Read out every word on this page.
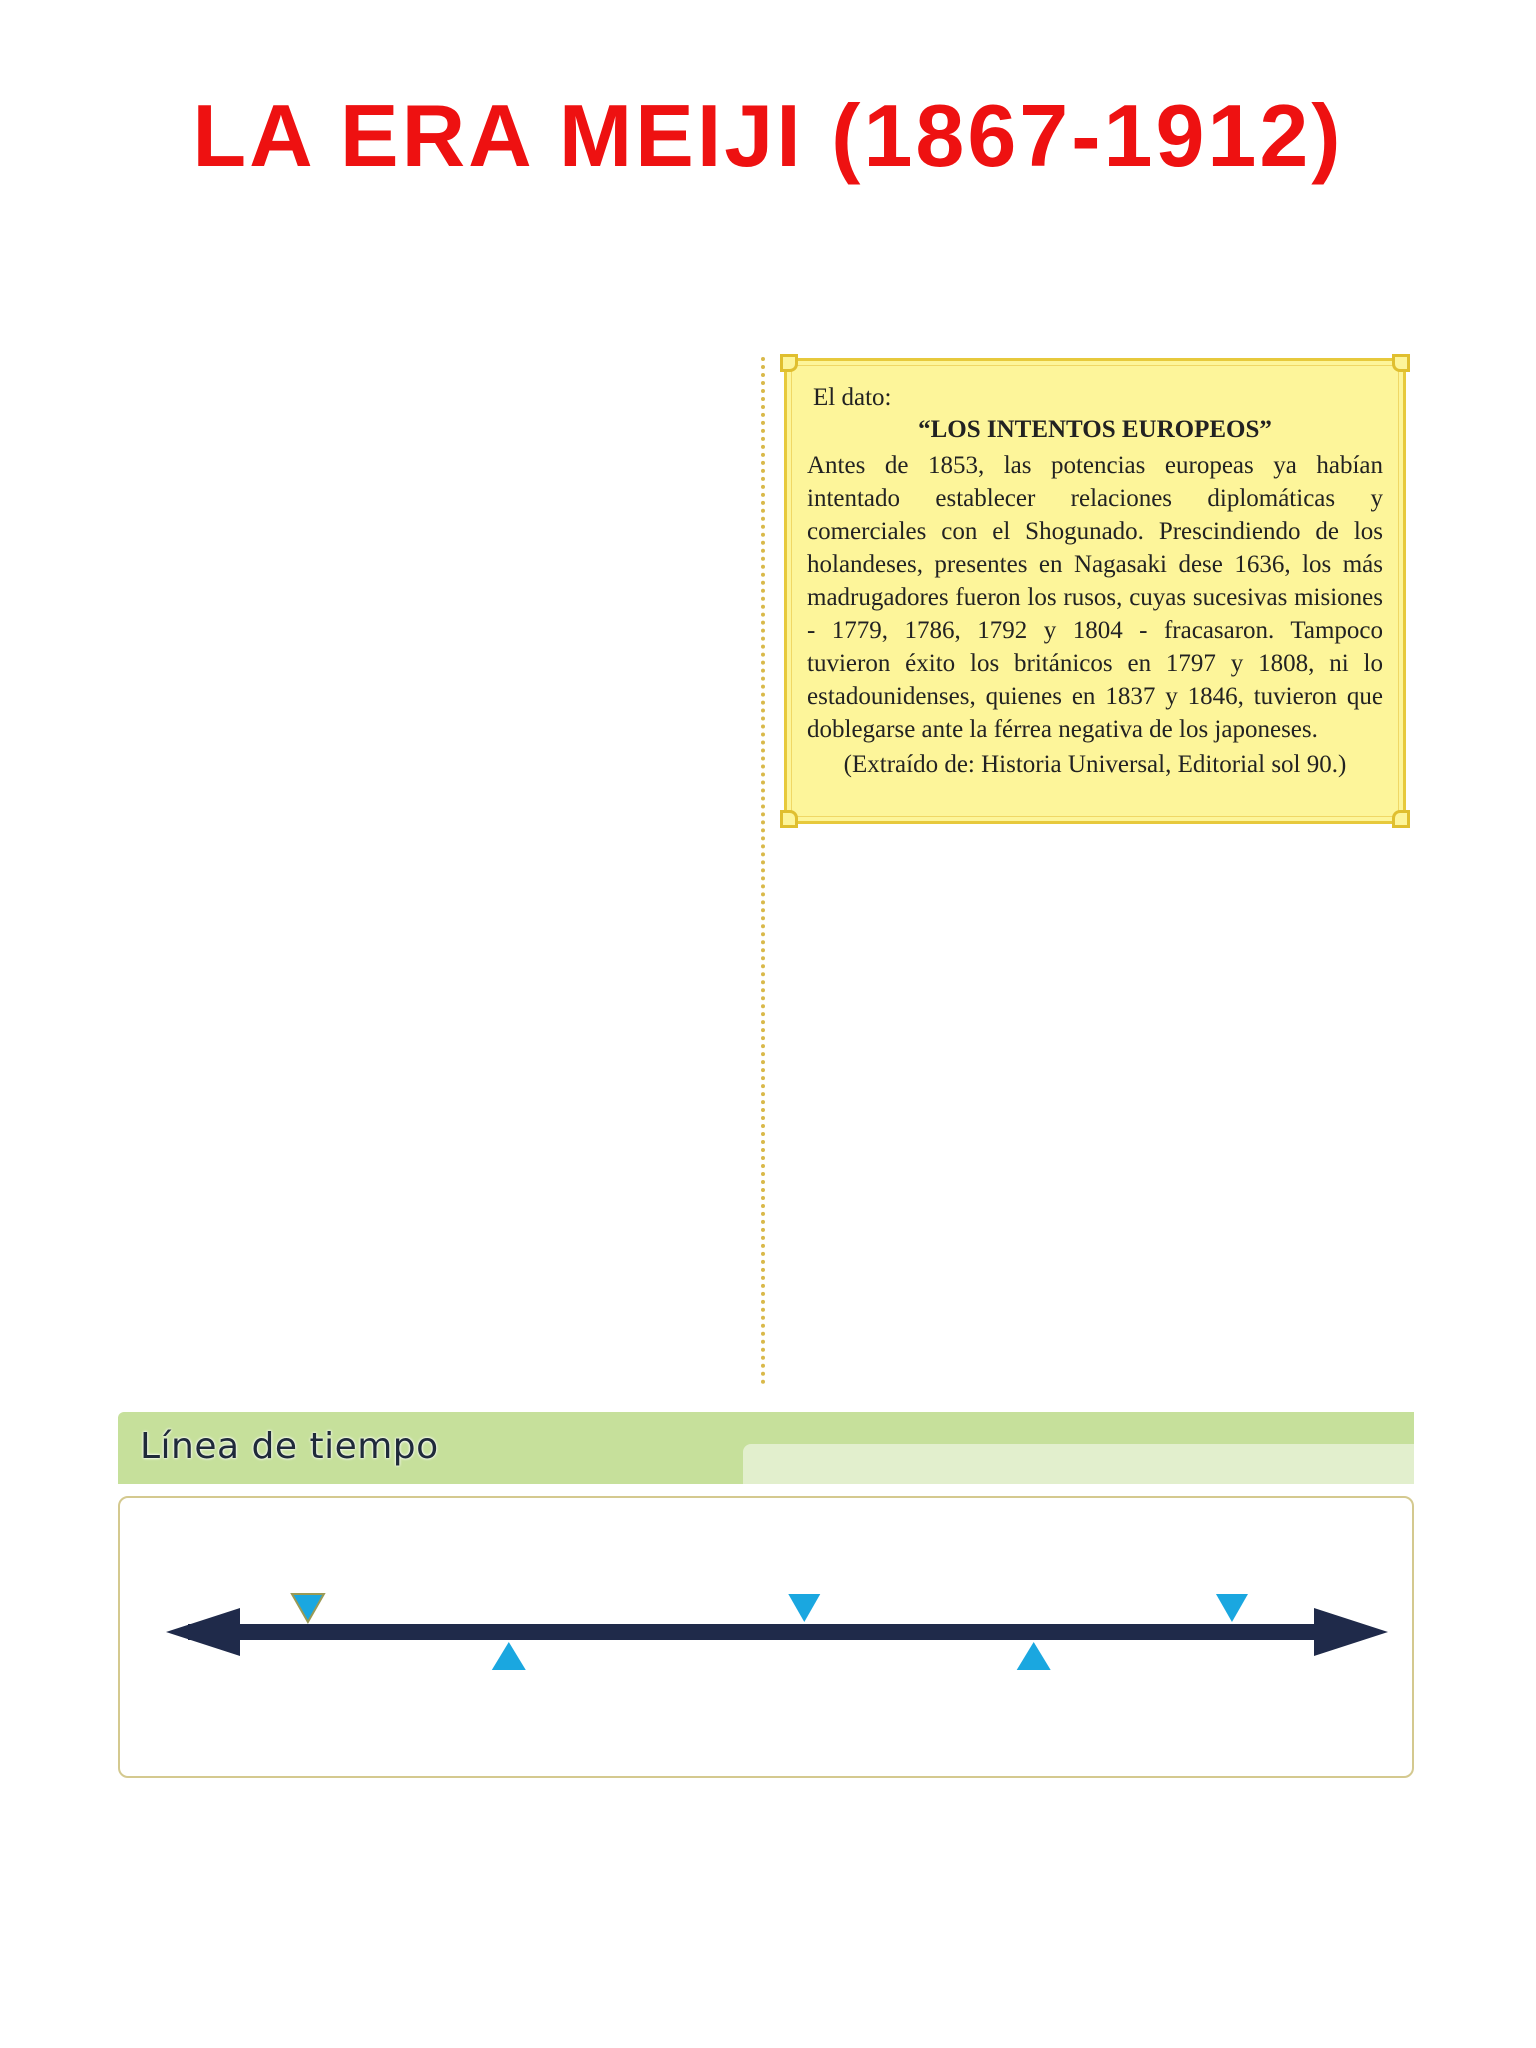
LA ERA MEIJI (1867-1912)
El dato:
“LOS INTENTOS EUROPEOS”

Antes de 1853, las potencias europeas ya habían intentado establecer relaciones diplomáticas y comerciales con el Shogunado. Prescindiendo de los holandeses, presentes en Nagasaki dese 1636, los más madrugadores fueron los rusos, cuyas sucesivas misiones - 1779, 1786, 1792 y 1804 - fracasaron. Tampoco tuvieron éxito los británicos en 1797 y 1808, ni lo estadounidenses, quienes en 1837 y 1846, tuvieron que doblegarse ante la férrea negativa de los japoneses.

(Extraído de: Historia Universal, Editorial sol 90.)
Línea de tiempo
